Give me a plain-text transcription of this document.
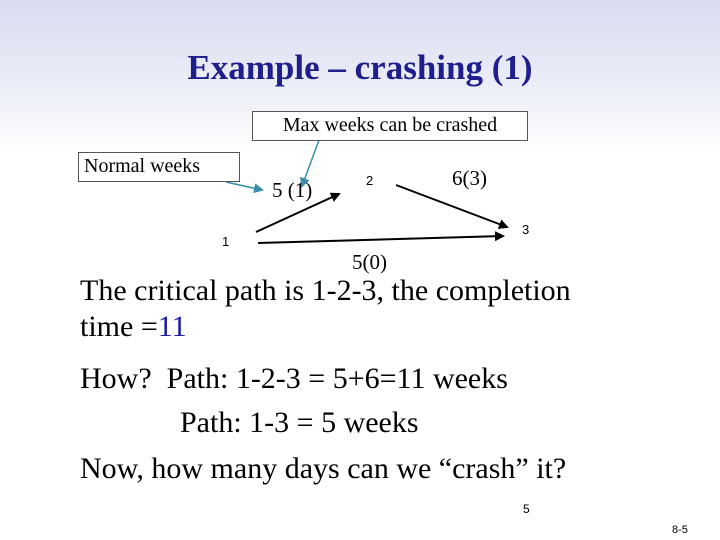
Example – crashing (1)
Max weeks can be crashed
Normal weeks
1
2
3
5 (1)	6(3)
5(0)
The critical path is 1-2-3, the completion
time =11
How?  Path: 1-2-3 = 5+6=11 weeks
Path: 1-3 = 5 weeks
Now, how many days can we “crash” it?
5
8-5
